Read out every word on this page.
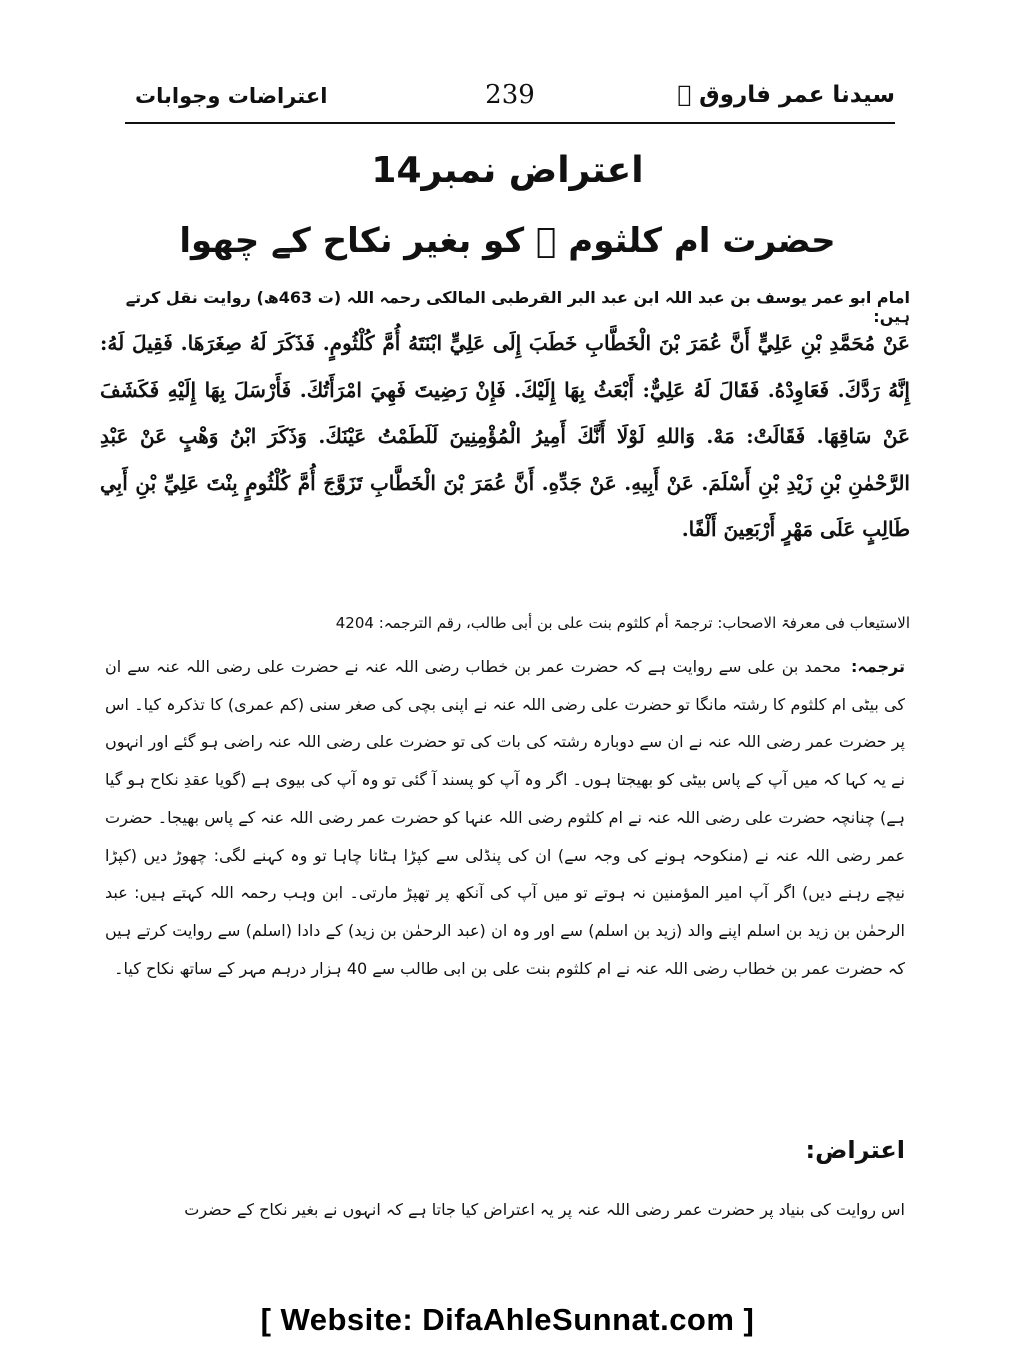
سیدنا عمر فاروق ﷛
239
اعتراضات وجوابات
اعتراض نمبر14
حضرت ام کلثوم ﷞ کو بغیر نکاح کے چھوا
امام ابو عمر یوسف بن عبد اللہ ابن عبد البر القرطبی المالکی رحمہ اللہ (ت 463ھ) روایت نقل کرتے ہیں:
عَنْ مُحَمَّدِ بْنِ عَلِيٍّ أَنَّ عُمَرَ بْنَ الْخَطَّابِ خَطَبَ إِلَى عَلِيٍّ ابْنَتَهُ أُمَّ كُلْثُومٍ. فَذَكَرَ لَهُ صِغَرَهَا. فَقِيلَ لَهُ: إِنَّهُ رَدَّكَ. فَعَاوِدْهُ. فَقَالَ لَهُ عَلِيٌّ: أَبْعَثُ بِهَا إِلَيْكَ. فَإِنْ رَضِيتَ فَهِيَ امْرَأَتُكَ. فَأَرْسَلَ بِهَا إِلَيْهِ فَكَشَفَ عَنْ سَاقِهَا. فَقَالَتْ: مَهْ. وَاللهِ لَوْلَا أَنَّكَ أَمِيرُ الْمُؤْمِنِينَ لَلَطَمْتُ عَيْنَكَ. وَذَكَرَ ابْنُ وَهْبٍ عَنْ عَبْدِ الرَّحْمٰنِ بْنِ زَيْدِ بْنِ أَسْلَمَ. عَنْ أَبِيهِ. عَنْ جَدِّهِ. أَنَّ عُمَرَ بْنَ الْخَطَّابِ تَزَوَّجَ أُمَّ كُلْثُومٍ بِنْتَ عَلِيِّ بْنِ أَبِي طَالِبٍ عَلَى مَهْرٍ أَرْبَعِينَ أَلْفًا.
الاستیعاب فی معرفۃ الاصحاب: ترجمۃ أم کلثوم بنت علی بن أبی طالب، رقم الترجمہ: 4204
ترجمہ:محمد بن علی سے روایت ہے کہ حضرت عمر بن خطاب رضی اللہ عنہ نے حضرت علی رضی اللہ عنہ سے ان کی بیٹی ام کلثوم کا رشتہ مانگا تو حضرت علی رضی اللہ عنہ نے اپنی بچی کی صغر سنی (کم عمری) کا تذکرہ کیا۔ اس پر حضرت عمر رضی اللہ عنہ نے ان سے دوبارہ رشتہ کی بات کی تو حضرت علی رضی اللہ عنہ راضی ہو گئے اور انہوں نے یہ کہا کہ میں آپ کے پاس بیٹی کو بھیجتا ہوں۔ اگر وہ آپ کو پسند آ گئی تو وہ آپ کی بیوی ہے (گویا عقدِ نکاح ہو گیا ہے) چنانچہ حضرت علی رضی اللہ عنہ نے ام کلثوم رضی اللہ عنہا کو حضرت عمر رضی اللہ عنہ کے پاس بھیجا۔ حضرت عمر رضی اللہ عنہ نے (منکوحہ ہونے کی وجہ سے) ان کی پنڈلی سے کپڑا ہٹانا چاہا تو وہ کہنے لگی: چھوڑ دیں (کپڑا نیچے رہنے دیں) اگر آپ امیر المؤمنین نہ ہوتے تو میں آپ کی آنکھ پر تھپڑ مارتی۔ ابن وہب رحمہ اللہ کہتے ہیں: عبد الرحمٰن بن زید بن اسلم اپنے والد (زید بن اسلم) سے اور وہ ان (عبد الرحمٰن بن زید) کے دادا (اسلم) سے روایت کرتے ہیں کہ حضرت عمر بن خطاب رضی اللہ عنہ نے ام کلثوم بنت علی بن ابی طالب سے 40 ہزار درہم مہر کے ساتھ نکاح کیا۔
اعتراض:
اس روایت کی بنیاد پر حضرت عمر رضی اللہ عنہ پر یہ اعتراض کیا جاتا ہے کہ انہوں نے بغیر نکاح کے حضرت
[ Website: DifaAhleSunnat.com ]
